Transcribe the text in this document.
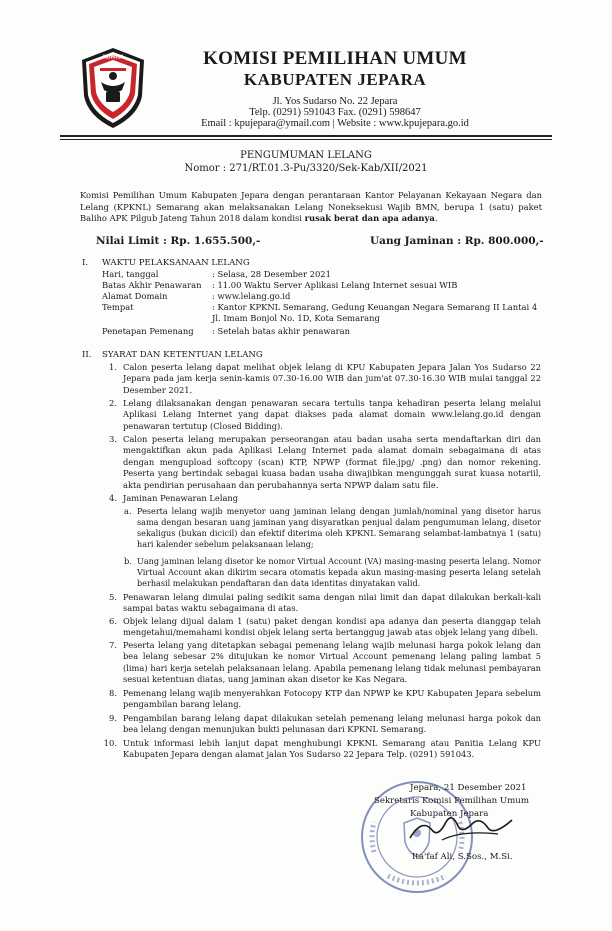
KOMISI	KOMISI PEMILIHAN UMUM
KABUPATEN JEPARA
Jl. Yos Sudarso No. 22 Jepara
Telp. (0291) 591043 Fax. (0291) 598647
Email : kpujepara@ymail.com | Website : www.kpujepara.go.id
PENGUMUMAN LELANG
Nomor : 271/RT.01.3-Pu/3320/Sek-Kab/XII/2021
Komisi Pemilihan Umum Kabupaten Jepara dengan perantaraan Kantor Pelayanan Kekayaan Negara dan Lelang (KPKNL) Semarang akan melaksanakan Lelang Noneksekusi Wajib BMN, berupa 1 (satu) paket Baliho APK Pilgub Jateng Tahun 2018 dalam kondisi rusak berat dan apa adanya.
Nilai Limit : Rp. 1.655.500,-	Uang Jaminan : Rp. 800.000,-
I. WAKTU PELAKSANAAN LELANG
Hari, tanggal	: Selasa, 28 Desember 2021
Batas Akhir Penawaran : 11.00 Waktu Server Aplikasi Lelang Internet sesuai WIB
Alamat Domain	: www.lelang.go.id
Tempat	: Kantor KPKNL Semarang, Gedung Keuangan Negara Semarang II Lantai 4
Jl. Imam Bonjol No. 1D, Kota Semarang
Penetapan Pemenang : Setelah batas akhir penawaran
II. SYARAT DAN KETENTUAN LELANG
1. Calon peserta lelang dapat melihat objek lelang di KPU Kabupaten Jepara Jalan Yos Sudarso 22 Jepara pada jam kerja senin-kamis 07.30-16.00 WIB dan jum'at 07.30-16.30 WIB mulai tanggal 22 Desember 2021.
2. Lelang dilaksanakan dengan penawaran secara tertulis tanpa kehadiran peserta lelang melalui Aplikasi Lelang Internet yang dapat diakses pada alamat domain www.lelang.go.id dengan penawaran tertutup (Closed Bidding).
3. Calon peserta lelang merupakan perseorangan atau badan usaha serta mendaftarkan diri dan mengaktifkan akun pada Aplikasi Lelang Internet pada alamat domain sebagaimana di atas dengan mengupload softcopy (scan) KTP, NPWP (format file.jpg/ .png) dan nomor rekening. Peserta yang bertindak sebagai kuasa badan usaha diwajibkan mengunggah surat kuasa notariil, akta pendirian perusahaan dan perubahannya serta NPWP dalam satu file.
4. Jaminan Penawaran Lelang
a. Peserta lelang wajib menyetor uang jaminan lelang dengan jumlah/nominal yang disetor harus sama dengan besaran uang jaminan yang disyaratkan penjual dalam pengumuman lelang, disetor sekaligus (bukan dicicil) dan efektif diterima oleh KPKNL Semarang selambat-lambatnya 1 (satu) hari kalender sebelum pelaksanaan lelang;
b. Uang jaminan lelang disetor ke nomor Virtual Account (VA) masing-masing peserta lelang. Nomor Virtual Account akan dikirim secara otomatis kepada akun masing-masing peserta lelang setelah berhasil melakukan pendaftaran dan data identitas dinyatakan valid.
5. Penawaran lelang dimulai paling sedikit sama dengan nilai limit dan dapat dilakukan berkali-kali sampai batas waktu sebagaimana di atas.
6. Objek lelang dijual dalam 1 (satu) paket dengan kondisi apa adanya dan peserta dianggap telah mengetahui/memahami kondisi objek lelang serta bertanggug jawab atas objek lelang yang dibeli.
7. Peserta lelang yang ditetapkan sebagai pemenang lelang wajib melunasi harga pokok lelang dan bea lelang sebesar 2% ditujukan ke nomor Virtual Account pemenang lelang paling lambat 5 (lima) hari kerja setelah pelaksanaan lelang. Apabila pemenang lelang tidak melunasi pembayaran sesuai ketentuan diatas, uang jaminan akan disetor ke Kas Negara.
8. Pemenang lelang wajib menyerahkan Fotocopy KTP dan NPWP ke KPU Kabupaten Jepara sebelum pengambilan barang lelang.
9. Pengambilan barang lelang dapat dilakukan setelah pemenang lelang melunasi harga pokok dan bea lelang dengan menunjukan bukti pelunasan dari KPKNL Semarang.
10. Untuk informasi lebih lanjut dapat menghubungi KPKNL Semarang atau Panitia Lelang KPU Kabupaten Jepara dengan alamat jalan Yos Sudarso 22 Jepara Telp. (0291) 591043.
Jepara, 21 Desember 2021
Sekretaris Komisi Pemilihan Umum
Kabupaten Jepara
Ita'faf Ali, S.Sos., M.Si.
